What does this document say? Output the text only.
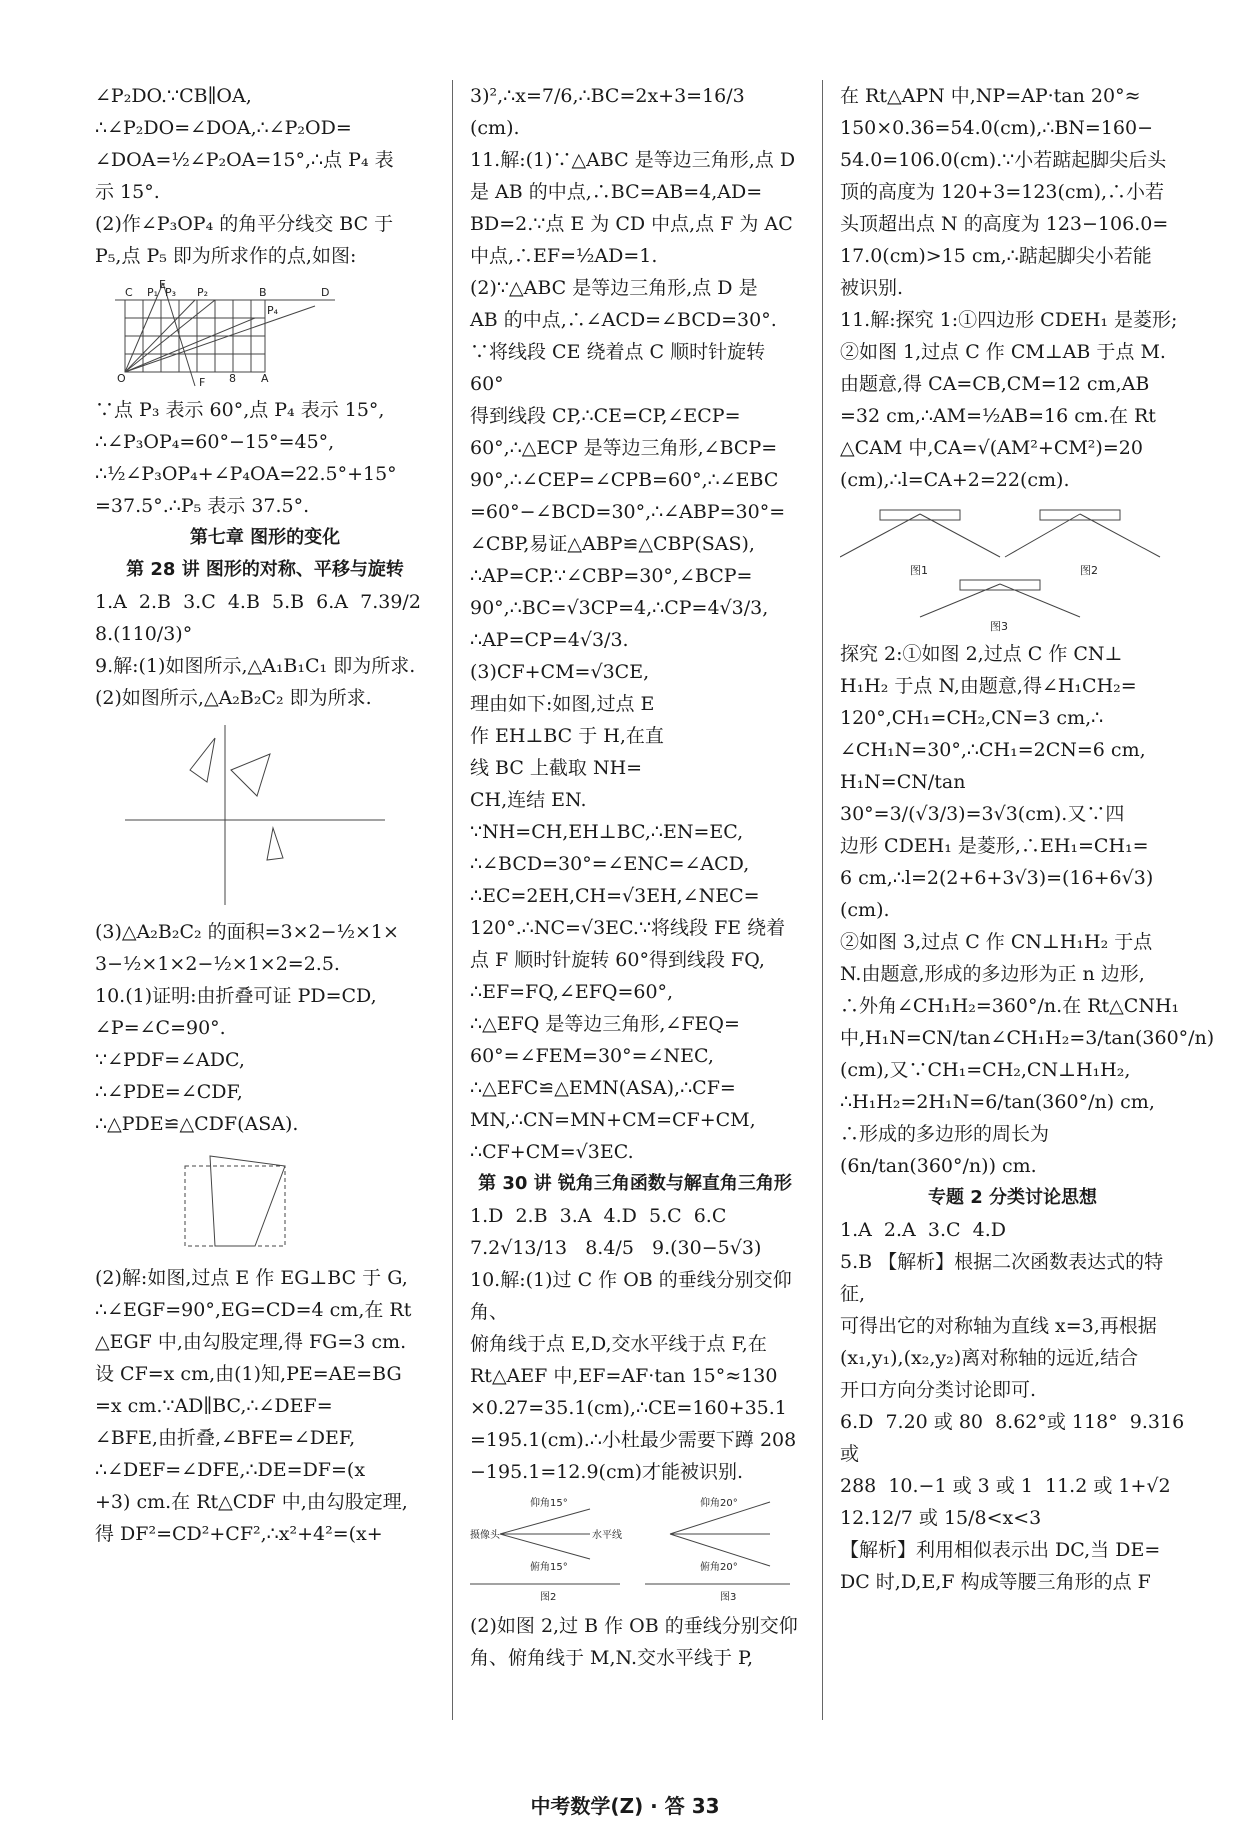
∠P₂DO.∵CB∥OA,
∴∠P₂DO=∠DOA,∴∠P₂OD=
∠DOA=½∠P₂OA=15°,∴点 P₄ 表
示 15°.
(2)作∠P₃OP₄ 的角平分线交 BC 于
P₅,点 P₅ 即为所求作的点,如图:
E
C P₁ P₃ P₂	B	D
P₄
O	F 8 A
∵点 P₃ 表示 60°,点 P₄ 表示 15°,
∴∠P₃OP₄=60°−15°=45°,
∴½∠P₃OP₄+∠P₄OA=22.5°+15°
=37.5°.∴P₅ 表示 37.5°.
第七章 图形的变化
第 28 讲 图形的对称、平移与旋转
1.A  2.B  3.C  4.B  5.B  6.A  7.39/2
8.(110/3)°
9.解:(1)如图所示,△A₁B₁C₁ 即为所求.
(2)如图所示,△A₂B₂C₂ 即为所求.
(3)△A₂B₂C₂ 的面积=3×2−½×1×
3−½×1×2−½×1×2=2.5.
10.(1)证明:由折叠可证 PD=CD,
∠P=∠C=90°.
∵∠PDF=∠ADC,
∴∠PDE=∠CDF,
∴△PDE≌△CDF(ASA).
(2)解:如图,过点 E 作 EG⊥BC 于 G,
∴∠EGF=90°,EG=CD=4 cm,在 Rt
△EGF 中,由勾股定理,得 FG=3 cm.
设 CF=x cm,由(1)知,PE=AE=BG
=x cm.∵AD∥BC,∴∠DEF=
∠BFE,由折叠,∠BFE=∠DEF,
∴∠DEF=∠DFE,∴DE=DF=(x
+3) cm.在 Rt△CDF 中,由勾股定理,
得 DF²=CD²+CF²,∴x²+4²=(x+
3)²,∴x=7/6,∴BC=2x+3=16/3
(cm).
11.解:(1)∵△ABC 是等边三角形,点 D
是 AB 的中点,∴BC=AB=4,AD=
BD=2.∵点 E 为 CD 中点,点 F 为 AC
中点,∴EF=½AD=1.
(2)∵△ABC 是等边三角形,点 D 是
AB 的中点,∴∠ACD=∠BCD=30°.
∵将线段 CE 绕着点 C 顺时针旋转 60°
得到线段 CP,∴CE=CP,∠ECP=
60°,∴△ECP 是等边三角形,∠BCP=
90°,∴∠CEP=∠CPB=60°,∴∠EBC
=60°−∠BCD=30°,∴∠ABP=30°=
∠CBP,易证△ABP≌△CBP(SAS),
∴AP=CP.∵∠CBP=30°,∠BCP=
90°,∴BC=√3CP=4,∴CP=4√3/3,
∴AP=CP=4√3/3.
(3)CF+CM=√3CE,
理由如下:如图,过点 E
作 EH⊥BC 于 H,在直
线 BC 上截取 NH=
CH,连结 EN.
∵NH=CH,EH⊥BC,∴EN=EC,
∴∠BCD=30°=∠ENC=∠ACD,
∴EC=2EH,CH=√3EH,∠NEC=
120°.∴NC=√3EC.∵将线段 FE 绕着
点 F 顺时针旋转 60°得到线段 FQ,
∴EF=FQ,∠EFQ=60°,
∴△EFQ 是等边三角形,∠FEQ=
60°=∠FEM=30°=∠NEC,
∴△EFC≌△EMN(ASA),∴CF=
MN,∴CN=MN+CM=CF+CM,
∴CF+CM=√3EC.
第 30 讲 锐角三角函数与解直角三角形
1.D  2.B  3.A  4.D  5.C  6.C
7.2√13/13   8.4/5   9.(30−5√3)
10.解:(1)过 C 作 OB 的垂线分别交仰角、
俯角线于点 E,D,交水平线于点 F,在
Rt△AEF 中,EF=AF·tan 15°≈130
×0.27=35.1(cm),∴CE=160+35.1
=195.1(cm).∴小杜最少需要下蹲 208
−195.1=12.9(cm)才能被识别.
仰角15°
摄像头
俯角15°
水平线
图2
仰角20°
俯角20°
图3
(2)如图 2,过 B 作 OB 的垂线分别交仰
角、俯角线于 M,N.交水平线于 P,
在 Rt△APN 中,NP=AP·tan 20°≈
150×0.36=54.0(cm),∴BN=160−
54.0=106.0(cm).∵小若踮起脚尖后头
顶的高度为 120+3=123(cm),∴小若
头顶超出点 N 的高度为 123−106.0=
17.0(cm)>15 cm,∴踮起脚尖小若能
被识别.
11.解:探究 1:①四边形 CDEH₁ 是菱形;
②如图 1,过点 C 作 CM⊥AB 于点 M.
由题意,得 CA=CB,CM=12 cm,AB
=32 cm,∴AM=½AB=16 cm.在 Rt
△CAM 中,CA=√(AM²+CM²)=20
(cm),∴l=CA+2=22(cm).
图1	图2
图3
探究 2:①如图 2,过点 C 作 CN⊥
H₁H₂ 于点 N,由题意,得∠H₁CH₂=
120°,CH₁=CH₂,CN=3 cm,∴
∠CH₁N=30°,∴CH₁=2CN=6 cm,
H₁N=CN/tan 30°=3/(√3/3)=3√3(cm).又∵四
边形 CDEH₁ 是菱形,∴EH₁=CH₁=
6 cm,∴l=2(2+6+3√3)=(16+6√3)
(cm).
②如图 3,过点 C 作 CN⊥H₁H₂ 于点
N.由题意,形成的多边形为正 n 边形,
∴外角∠CH₁H₂=360°/n.在 Rt△CNH₁
中,H₁N=CN/tan∠CH₁H₂=3/tan(360°/n)
(cm),又∵CH₁=CH₂,CN⊥H₁H₂,
∴H₁H₂=2H₁N=6/tan(360°/n) cm,
∴形成的多边形的周长为(6n/tan(360°/n)) cm.
专题 2 分类讨论思想
1.A  2.A  3.C  4.D
5.B 【解析】根据二次函数表达式的特征,
可得出它的对称轴为直线 x=3,再根据
(x₁,y₁),(x₂,y₂)离对称轴的远近,结合
开口方向分类讨论即可.
6.D  7.20 或 80  8.62°或 118°  9.316 或
288  10.−1 或 3 或 1  11.2 或 1+√2
12.12/7 或 15/8<x<3
【解析】利用相似表示出 DC,当 DE=
DC 时,D,E,F 构成等腰三角形的点 F
中考数学(Z) · 答 33
